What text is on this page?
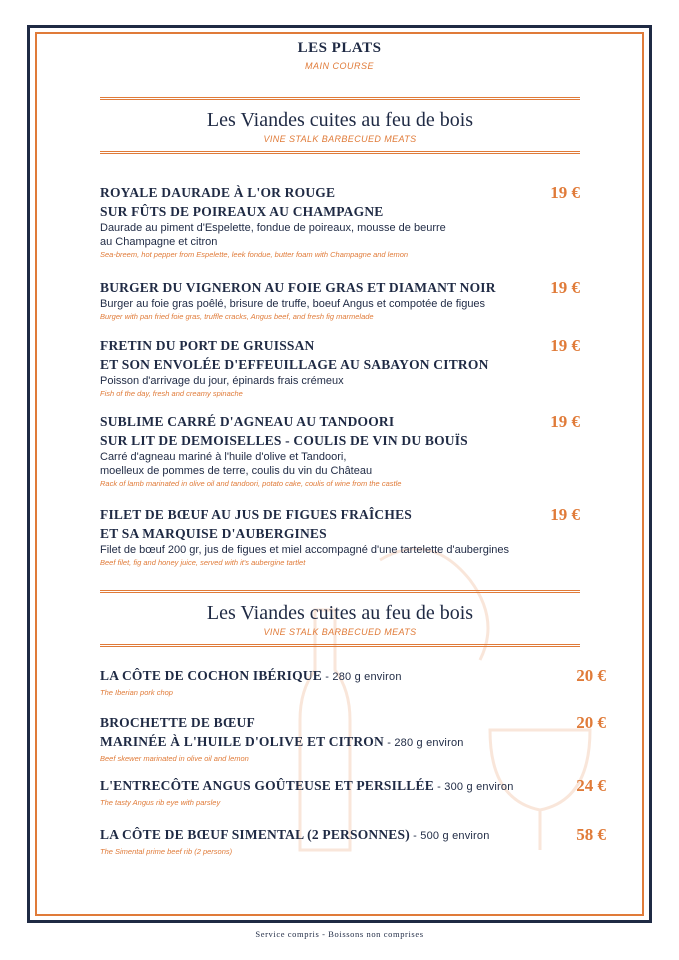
LES PLATS
MAIN COURSE
Les Viandes cuites au feu de bois
VINE STALK BARBECUED MEATS
ROYALE DAURADE À L'OR ROUGE
SUR FÛTS DE POIREAUX AU CHAMPAGNE
Daurade au piment d'Espelette, fondue de poireaux, mousse de beurre
au Champagne et citron
Sea-breem, hot pepper from Espelette, leek fondue, butter foam with Champagne and lemon
19 €
BURGER DU VIGNERON AU FOIE GRAS ET DIAMANT NOIR
Burger au foie gras poêlé, brisure de truffe, boeuf Angus et compotée de figues
Burger with pan fried foie gras, truffle cracks, Angus beef, and fresh fig marmelade
19 €
FRETIN DU PORT DE GRUISSAN
ET SON ENVOLÉE D'EFFEUILLAGE AU SABAYON CITRON
Poisson d'arrivage du jour, épinards frais crémeux
Fish of the day, fresh and creamy spinache
19 €
SUBLIME CARRÉ D'AGNEAU AU TANDOORI
SUR LIT DE DEMOISELLES - COULIS DE VIN DU BOUÏS
Carré d'agneau mariné à l'huile d'olive et Tandoori,
moelleux de pommes de terre, coulis du vin du Château
Rack of lamb marinated in olive oil and tandoori, potato cake, coulis of wine from the castle
19 €
FILET DE BŒUF AU JUS DE FIGUES FRAÎCHES
ET SA MARQUISE D'AUBERGINES
Filet de bœuf 200 gr, jus de figues et miel accompagné d'une tartelette d'aubergines
Beef filet, fig and honey juice, served with it's aubergine tartlet
19 €
Les Viandes cuites au feu de bois
VINE STALK BARBECUED MEATS
LA CÔTE DE COCHON IBÉRIQUE - 280 g environ
The Iberian pork chop
20 €
BROCHETTE DE BŒUF
MARINÉE À L'HUILE D'OLIVE ET CITRON - 280 g environ
Beef skewer marinated in olive oil and lemon
20 €
L'ENTRECÔTE ANGUS GOÛTEUSE ET PERSILLÉE - 300 g environ
The tasty Angus rib eye with parsley
24 €
LA CÔTE DE BŒUF SIMENTAL (2 PERSONNES) - 500 g environ
The Simental prime beef rib (2 persons)
58 €
Service compris - Boissons non comprises
